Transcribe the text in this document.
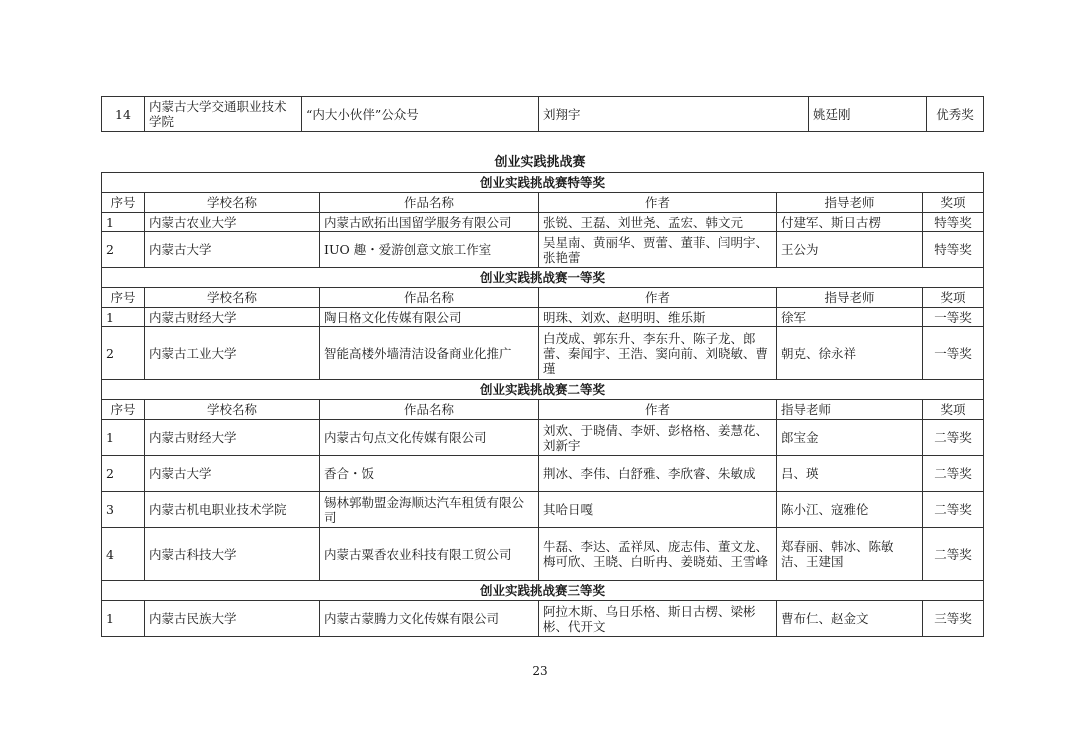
14	内蒙古大学交通职业技术学院	“内大小伙伴”公众号	刘翔宇	姚廷刚	优秀奖
创业实践挑战赛
创业实践挑战赛特等奖					
序号	学校名称	作品名称	作者	指导老师	奖项
1	内蒙古农业大学	内蒙古欧拓出国留学服务有限公司	张锐、王磊、刘世尧、孟宏、韩文元	付建军、斯日古楞	特等奖
2	内蒙古大学	IUO 趣・爱游创意文旅工作室	吴星南、黄丽华、贾蕾、董菲、闫明宇、张艳蕾	王公为	特等奖
创业实践挑战赛一等奖					
序号	学校名称	作品名称	作者	指导老师	奖项
1	内蒙古财经大学	陶日格文化传媒有限公司	明珠、刘欢、赵明明、维乐斯	徐军	一等奖
2	内蒙古工业大学	智能高楼外墙清洁设备商业化推广	白茂成、郭东升、李东升、陈子龙、郎蕾、秦闻宇、王浩、窦向前、刘晓敏、曹瑾	朝克、徐永祥	一等奖
创业实践挑战赛二等奖					
序号	学校名称	作品名称	作者	指导老师	奖项
1	内蒙古财经大学	内蒙古句点文化传媒有限公司	刘欢、于晓倩、李妍、彭格格、姜慧花、刘新宇	郎宝金	二等奖
2	内蒙古大学	香合・饭	荆冰、李伟、白舒雅、李欣睿、朱敏成	吕、瑛	二等奖
3	内蒙古机电职业技术学院	锡林郭勒盟金海顺达汽车租赁有限公司	其哈日嘎	陈小江、寇雅伦	二等奖
4	内蒙古科技大学	内蒙古粟香农业科技有限工贸公司	牛磊、李达、孟祥凤、庞志伟、董文龙、梅可欣、王晓、白昕冉、姜晓茹、王雪峰	郑春丽、韩冰、陈敏洁、王建国	二等奖
创业实践挑战赛三等奖					
1	内蒙古民族大学	内蒙古蒙腾力文化传媒有限公司	阿拉木斯、乌日乐格、斯日古楞、梁彬彬、代开文	曹布仁、赵金文	三等奖
23
